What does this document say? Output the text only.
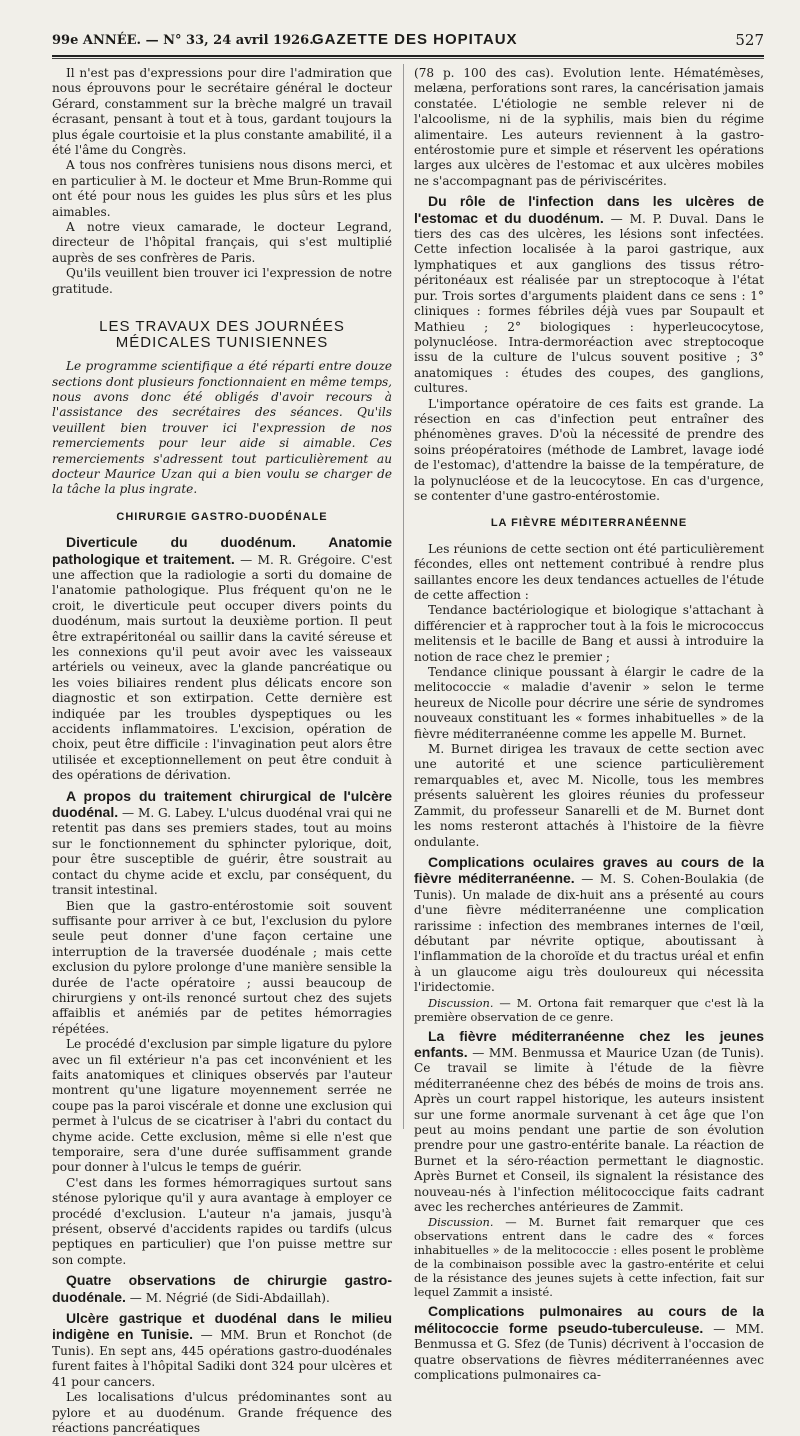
99e ANNÉE. — N° 33, 24 avril 1926.
GAZETTE DES HOPITAUX	527

Il n'est pas d'expressions pour dire l'admiration que nous éprouvons pour le secrétaire général le docteur Gérard, constamment sur la brèche malgré un travail écrasant, pensant à tout et à tous, gardant toujours la plus égale courtoisie et la plus constante amabilité, il a été l'âme du Congrès.

A tous nos confrères tunisiens nous disons merci, et en particulier à M. le docteur et Mme Brun-Romme qui ont été pour nous les guides les plus sûrs et les plus aimables.

A notre vieux camarade, le docteur Legrand, directeur de l'hôpital français, qui s'est multiplié auprès de ses confrères de Paris.

Qu'ils veuillent bien trouver ici l'expression de notre gratitude.

LES TRAVAUX DES JOURNÉES MÉDICALES TUNISIENNES

Le programme scientifique a été réparti entre douze sections dont plusieurs fonctionnaient en même temps, nous avons donc été obligés d'avoir recours à l'assistance des secrétaires des séances. Qu'ils veuillent bien trouver ici l'expression de nos remerciements pour leur aide si aimable. Ces remerciements s'adressent tout particulièrement au docteur Maurice Uzan qui a bien voulu se charger de la tâche la plus ingrate.

CHIRURGIE GASTRO-DUODÉNALE

Diverticule du duodénum. Anatomie pathologique et traitement. — M. R. Grégoire. C'est une affection que la radiologie a sorti du domaine de l'anatomie pathologique. Plus fréquent qu'on ne le croit, le diverticule peut occuper divers points du duodénum, mais surtout la deuxième portion. Il peut être extrapéritonéal ou saillir dans la cavité séreuse et les connexions qu'il peut avoir avec les vaisseaux artériels ou veineux, avec la glande pancréatique ou les voies biliaires rendent plus délicats encore son diagnostic et son extirpation. Cette dernière est indiquée par les troubles dyspeptiques ou les accidents inflammatoires. L'excision, opération de choix, peut être difficile : l'invagination peut alors être utilisée et exceptionnellement on peut être conduit à des opérations de dérivation.

A propos du traitement chirurgical de l'ulcère duodénal. — M. G. Labey. L'ulcus duodénal vrai qui ne retentit pas dans ses premiers stades, tout au moins sur le fonctionnement du sphincter pylorique, doit, pour être susceptible de guérir, être soustrait au contact du chyme acide et exclu, par conséquent, du transit intestinal.

Bien que la gastro-entérostomie soit souvent suffisante pour arriver à ce but, l'exclusion du pylore seule peut donner d'une façon certaine une interruption de la traversée duodénale ; mais cette exclusion du pylore prolonge d'une manière sensible la durée de l'acte opératoire ; aussi beaucoup de chirurgiens y ont-ils renoncé surtout chez des sujets affaiblis et anémiés par de petites hémorragies répétées.

Le procédé d'exclusion par simple ligature du pylore avec un fil extérieur n'a pas cet inconvénient et les faits anatomiques et cliniques observés par l'auteur montrent qu'une ligature moyennement serrée ne coupe pas la paroi viscérale et donne une exclusion qui permet à l'ulcus de se cicatriser à l'abri du contact du chyme acide. Cette exclusion, même si elle n'est que temporaire, sera d'une durée suffisamment grande pour donner à l'ulcus le temps de guérir.

C'est dans les formes hémorragiques surtout sans sténose pylorique qu'il y aura avantage à employer ce procédé d'exclusion. L'auteur n'a jamais, jusqu'à présent, observé d'accidents rapides ou tardifs (ulcus peptiques en particulier) que l'on puisse mettre sur son compte.

Quatre observations de chirurgie gastro-duodénale. — M. Négrié (de Sidi-Abdaillah).

Ulcère gastrique et duodénal dans le milieu indigène en Tunisie. — MM. Brun et Ronchot (de Tunis). En sept ans, 445 opérations gastro-duodénales furent faites à l'hôpital Sadiki dont 324 pour ulcères et 41 pour cancers.

Les localisations d'ulcus prédominantes sont au pylore et au duodénum. Grande fréquence des réactions pancréatiques

(78 p. 100 des cas). Evolution lente. Hématémèses, melæna, perforations sont rares, la cancérisation jamais constatée. L'étiologie ne semble relever ni de l'alcoolisme, ni de la syphilis, mais bien du régime alimentaire. Les auteurs reviennent à la gastro-entérostomie pure et simple et réservent les opérations larges aux ulcères de l'estomac et aux ulcères mobiles ne s'accompagnant pas de périviscérites.

Du rôle de l'infection dans les ulcères de l'estomac et du duodénum. — M. P. Duval. Dans le tiers des cas des ulcères, les lésions sont infectées. Cette infection localisée à la paroi gastrique, aux lymphatiques et aux ganglions des tissus rétro-péritonéaux est réalisée par un streptocoque à l'état pur. Trois sortes d'arguments plaident dans ce sens : 1° cliniques : formes fébriles déjà vues par Soupault et Mathieu ; 2° biologiques : hyperleucocytose, polynucléose. Intra-dermoréaction avec streptocoque issu de la culture de l'ulcus souvent positive ; 3° anatomiques : études des coupes, des ganglions, cultures.

L'importance opératoire de ces faits est grande. La résection en cas d'infection peut entraîner des phénomènes graves. D'où la nécessité de prendre des soins préopératoires (méthode de Lambret, lavage iodé de l'estomac), d'attendre la baisse de la température, de la polynucléose et de la leucocytose. En cas d'urgence, se contenter d'une gastro-entérostomie.

LA FIÈVRE MÉDITERRANÉENNE

Les réunions de cette section ont été particulièrement fécondes, elles ont nettement contribué à rendre plus saillantes encore les deux tendances actuelles de l'étude de cette affection :

Tendance bactériologique et biologique s'attachant à différencier et à rapprocher tout à la fois le micrococcus melitensis et le bacille de Bang et aussi à introduire la notion de race chez le premier ;

Tendance clinique poussant à élargir le cadre de la melitococcie « maladie d'avenir » selon le terme heureux de Nicolle pour décrire une série de syndromes nouveaux constituant les « formes inhabituelles » de la fièvre méditerranéenne comme les appelle M. Burnet.

M. Burnet dirigea les travaux de cette section avec une autorité et une science particulièrement remarquables et, avec M. Nicolle, tous les membres présents saluèrent les gloires réunies du professeur Zammit, du professeur Sanarelli et de M. Burnet dont les noms resteront attachés à l'histoire de la fièvre ondulante.

Complications oculaires graves au cours de la fièvre méditerranéenne. — M. S. Cohen-Boulakia (de Tunis). Un malade de dix-huit ans a présenté au cours d'une fièvre méditerranéenne une complication rarissime : infection des membranes internes de l'œil, débutant par névrite optique, aboutissant à l'inflammation de la choroïde et du tractus uréal et enfin à un glaucome aigu très douloureux qui nécessita l'iridectomie.

Discussion. — M. Ortona fait remarquer que c'est là la première observation de ce genre.

La fièvre méditerranéenne chez les jeunes enfants. — MM. Benmussa et Maurice Uzan (de Tunis). Ce travail se limite à l'étude de la fièvre méditerranéenne chez des bébés de moins de trois ans. Après un court rappel historique, les auteurs insistent sur une forme anormale survenant à cet âge que l'on peut au moins pendant une partie de son évolution prendre pour une gastro-entérite banale. La réaction de Burnet et la séro-réaction permettant le diagnostic. Après Burnet et Conseil, ils signalent la résistance des nouveau-nés à l'infection mélitococcique faits cadrant avec les recherches antérieures de Zammit.

Discussion. — M. Burnet fait remarquer que ces observations entrent dans le cadre des « forces inhabituelles » de la melitococcie : elles posent le problème de la combinaison possible avec la gastro-entérite et celui de la résistance des jeunes sujets à cette infection, fait sur lequel Zammit a insisté.

Complications pulmonaires au cours de la mélitococcie forme pseudo-tuberculeuse. — MM. Benmussa et G. Sfez (de Tunis) décrivent à l'occasion de quatre observations de fièvres méditerranéennes avec complications pulmonaires ca-
